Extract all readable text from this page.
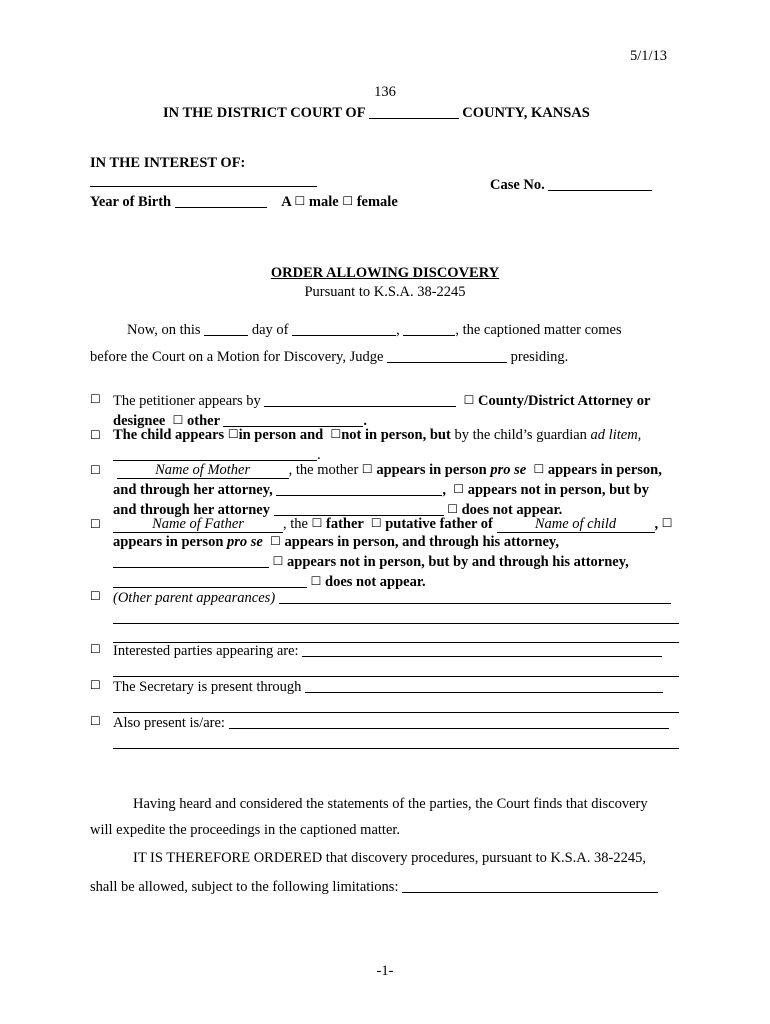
5/1/13
136
IN THE DISTRICT COURT OF	COUNTY, KANSAS
IN THE INTEREST OF:
Case No.
Year of Birth	A ☐ male ☐ female
ORDER ALLOWING DISCOVERY
Pursuant to K.S.A. 38-2245
Now, on this	day of	,	, the captioned matter comes
before the Court on a Motion for Discovery, Judge	presiding.
☐ The petitioner appears by	☐ County/District Attorney or
designee ☐ other	.
☐ The child appears ☐in person and ☐not in person, but by the child’s guardian ad litem,
.
☐	Name of Mother	, the mother ☐ appears in person pro se ☐ appears in person,
and through her attorney,	, ☐ appears not in person, but by
and through her attorney	☐ does not appear.
☐	Name of Father	, the ☐ father ☐ putative father of	Name of child	, ☐
appears in person pro se ☐ appears in person, and through his attorney,
☐ appears not in person, but by and through his attorney,
☐ does not appear.
☐ (Other parent appearances)
☐ Interested parties appearing are:
☐ The Secretary is present through
☐ Also present is/are:
Having heard and considered the statements of the parties, the Court finds that discovery
will expedite the proceedings in the captioned matter.
IT IS THEREFORE ORDERED that discovery procedures, pursuant to K.S.A. 38-2245,
shall be allowed, subject to the following limitations:
-1-
